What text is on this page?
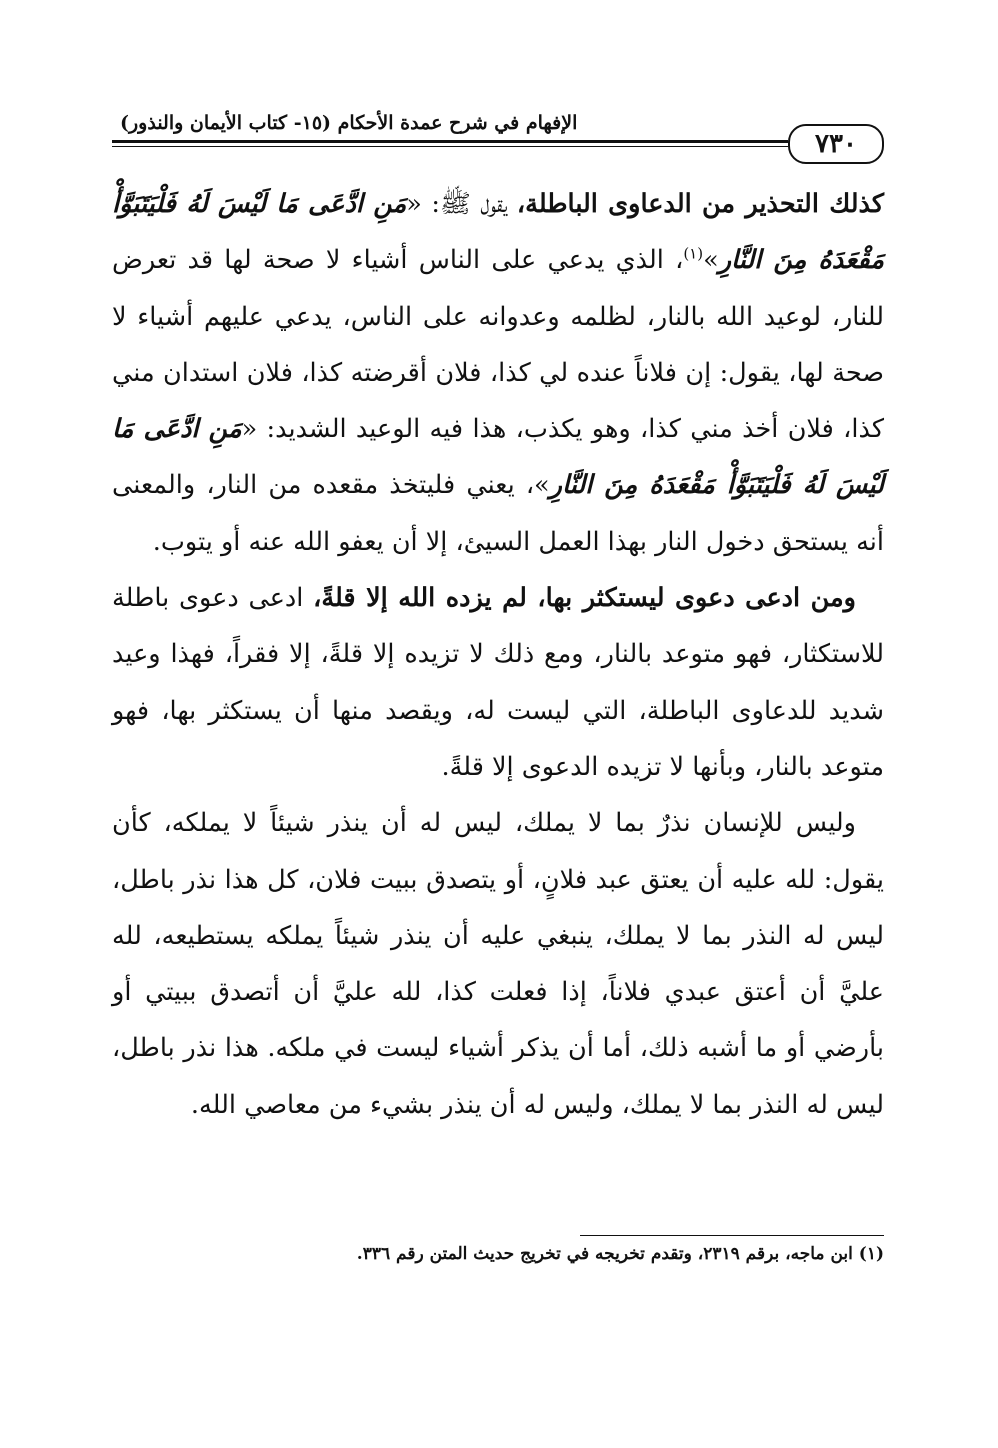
٧٣٠
الإفهام في شرح عمدة الأحكام (١٥- كتاب الأيمان والنذور)

كذلك التحذير من الدعاوى الباطلة، يقول ﷺ: «مَنِ ادَّعَى مَا لَيْسَ لَهُ فَلْيَتَبَوَّأْ مَقْعَدَهُ مِنَ النَّارِ»$^{(١)}$، الذي يدعي على الناس أشياء لا صحة لها قد تعرض للنار، لوعيد الله بالنار، لظلمه وعدوانه على الناس، يدعي عليهم أشياء لا صحة لها، يقول: إن فلاناً عنده لي كذا، فلان أقرضته كذا، فلان استدان مني كذا، فلان أخذ مني كذا، وهو يكذب، هذا فيه الوعيد الشديد: «مَنِ ادَّعَى مَا لَيْسَ لَهُ فَلْيَتَبَوَّأْ مَقْعَدَهُ مِنَ النَّارِ»، يعني فليتخذ مقعده من النار، والمعنى أنه يستحق دخول النار بهذا العمل السيئ، إلا أن يعفو الله عنه أو يتوب.

ومن ادعى دعوى ليستكثر بها، لم يزده الله إلا قلةً، ادعى دعوى باطلة للاستكثار، فهو متوعد بالنار، ومع ذلك لا تزيده إلا قلةً، إلا فقراً، فهذا وعيد شديد للدعاوى الباطلة، التي ليست له، ويقصد منها أن يستكثر بها، فهو متوعد بالنار، وبأنها لا تزيده الدعوى إلا قلةً.

وليس للإنسان نذرٌ بما لا يملك، ليس له أن ينذر شيئاً لا يملكه، كأن يقول: لله عليه أن يعتق عبد فلانٍ، أو يتصدق ببيت فلان، كل هذا نذر باطل، ليس له النذر بما لا يملك، ينبغي عليه أن ينذر شيئاً يملكه يستطيعه، لله عليَّ أن أعتق عبدي فلاناً، إذا فعلت كذا، لله عليَّ أن أتصدق ببيتي أو بأرضي أو ما أشبه ذلك، أما أن يذكر أشياء ليست في ملكه. هذا نذر باطل، ليس له النذر بما لا يملك، وليس له أن ينذر بشيء من معاصي الله.

(١) ابن ماجه، برقم ٢٣١٩، وتقدم تخريجه في تخريج حديث المتن رقم ٣٣٦.
